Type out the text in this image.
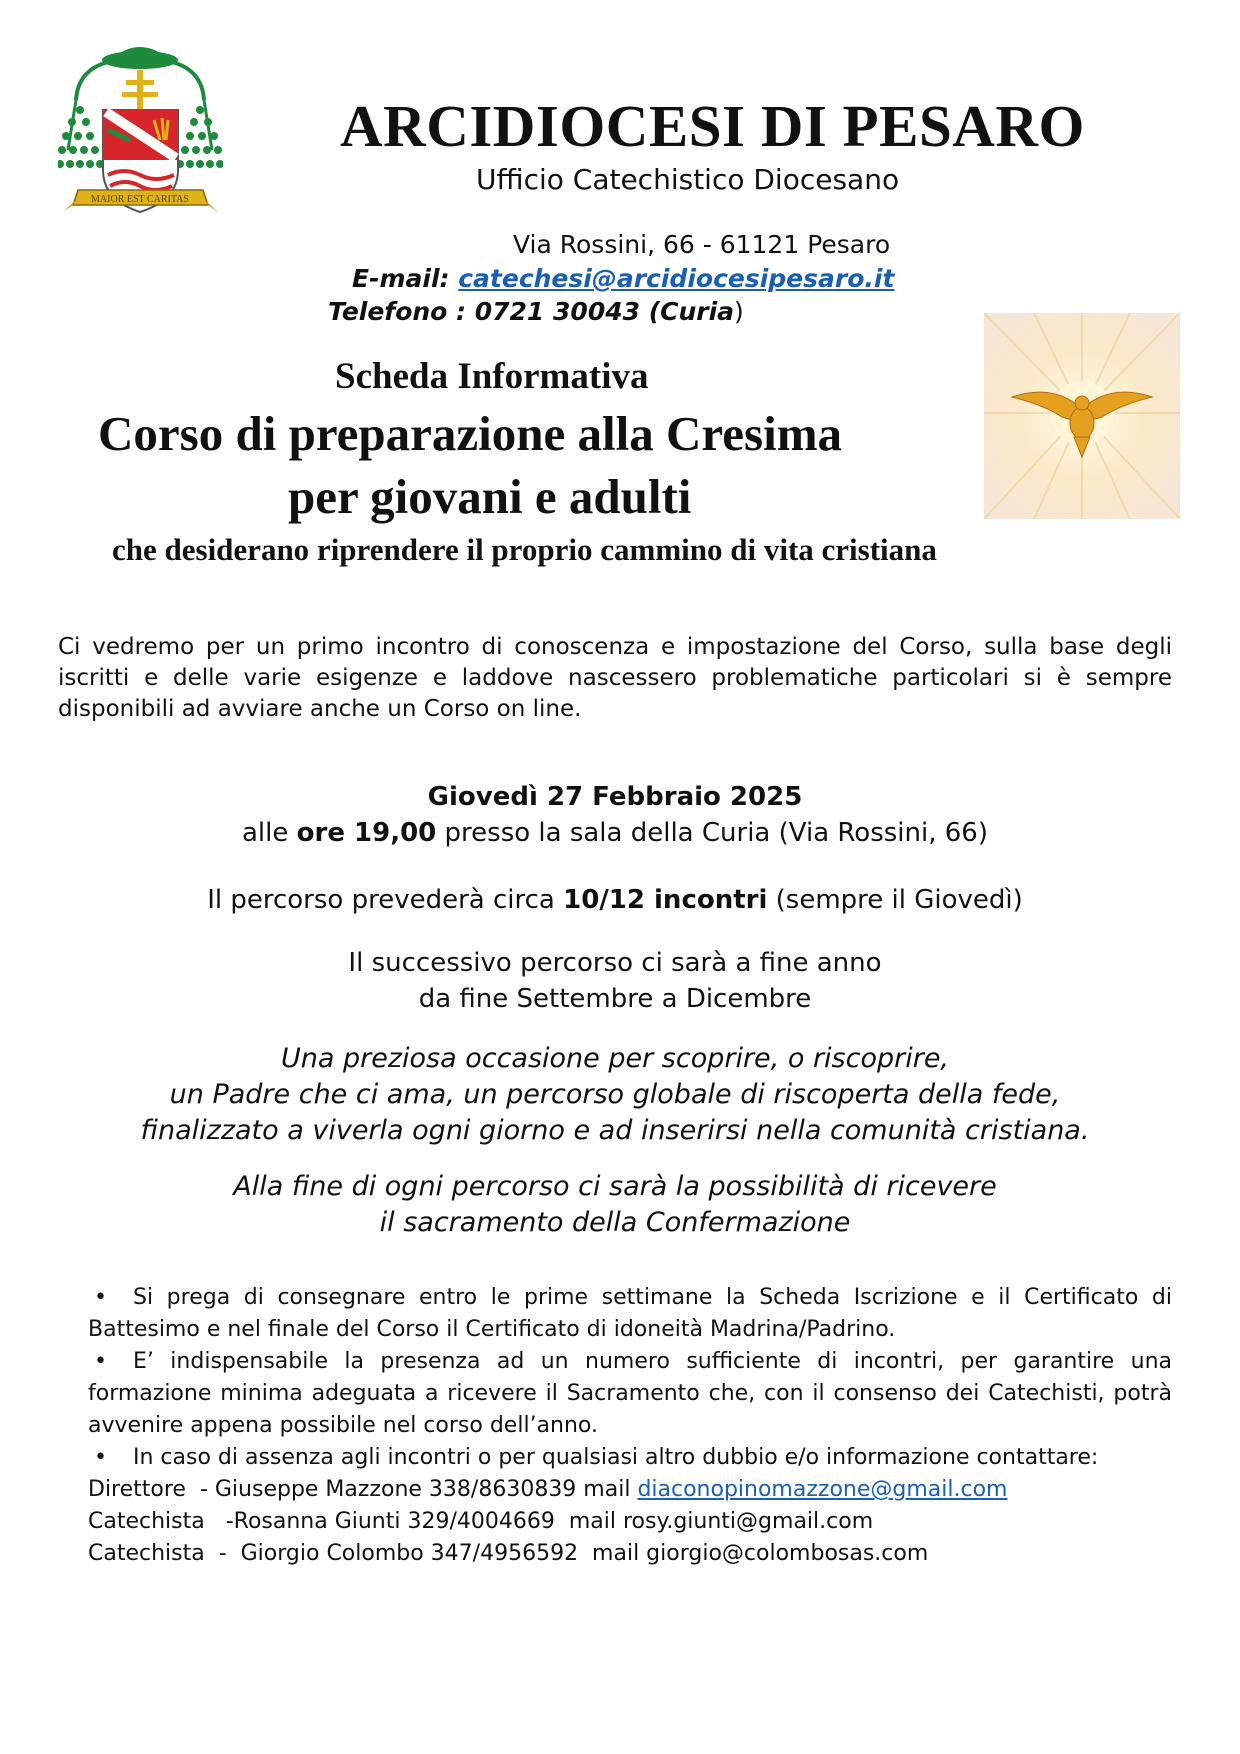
MAIOR EST CARITAS
ARCIDIOCESI DI PESARO
Ufficio Catechistico Diocesano
Via Rossini, 66 - 61121 Pesaro
E-mail: catechesi@arcidiocesipesaro.it
Telefono : 0721 30043 (Curia)
Scheda Informativa
Corso di preparazione alla Cresima
per giovani e adulti
che desiderano riprendere il proprio cammino di vita cristiana
Ci vedremo per un primo incontro di conoscenza e impostazione del Corso, sulla base degli iscritti e delle varie esigenze e laddove nascessero problematiche particolari si è sempre disponibili ad avviare anche un Corso on line.
Giovedì 27 Febbraio 2025
alle ore 19,00 presso la sala della Curia (Via Rossini, 66)
Il percorso prevederà circa 10/12 incontri (sempre il Giovedì)
Il successivo percorso ci sarà a fine anno
da fine Settembre a Dicembre
Una preziosa occasione per scoprire, o riscoprire,
un Padre che ci ama, un percorso globale di riscoperta della fede,
finalizzato a viverla ogni giorno e ad inserirsi nella comunità cristiana.
Alla fine di ogni percorso ci sarà la possibilità di ricevere
il sacramento della Confermazione
• Si prega di consegnare entro le prime settimane la Scheda Iscrizione e il Certificato di Battesimo e nel finale del Corso il Certificato di idoneità Madrina/Padrino.
• E’ indispensabile la presenza ad un numero sufficiente di incontri, per garantire una formazione minima adeguata a ricevere il Sacramento che, con il consenso dei Catechisti, potrà avvenire appena possibile nel corso dell’anno.
• In caso di assenza agli incontri o per qualsiasi altro dubbio e/o informazione contattare:
Direttore  - Giuseppe Mazzone 338/8630839 mail diaconopinomazzone@gmail.com
Catechista   -Rosanna Giunti 329/4004669  mail rosy.giunti@gmail.com
Catechista  -  Giorgio Colombo 347/4956592  mail giorgio@colombosas.com
